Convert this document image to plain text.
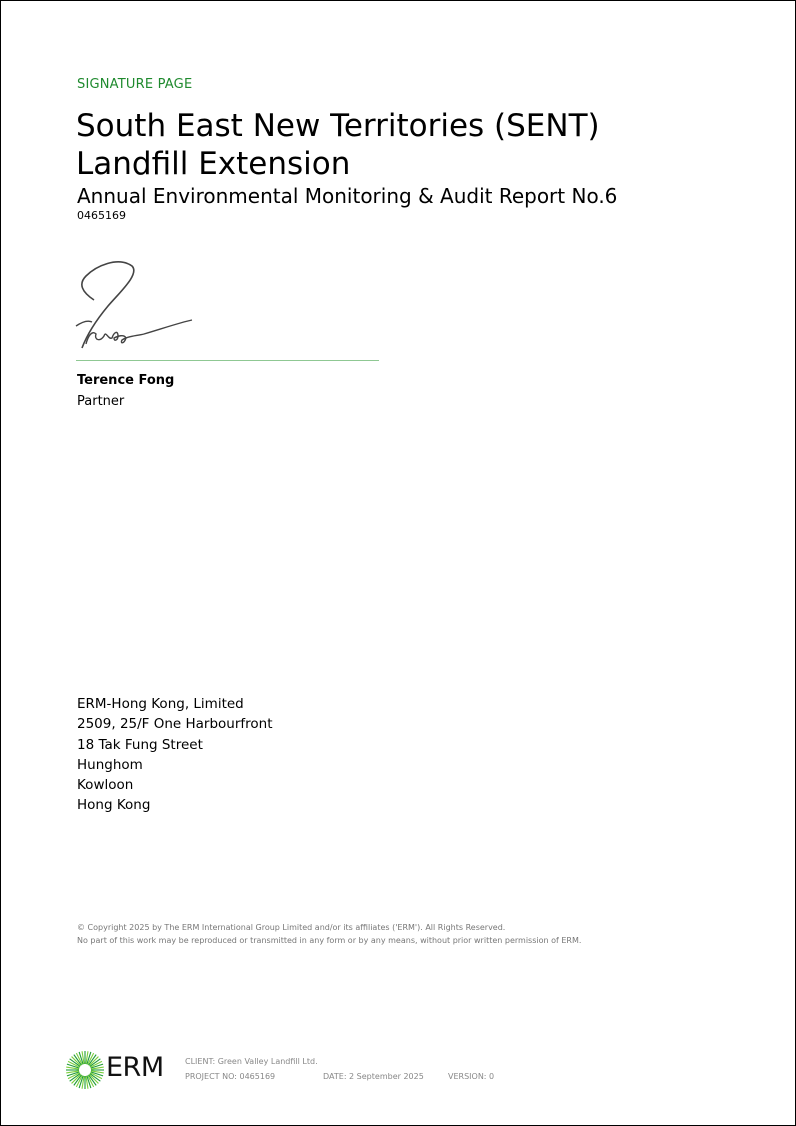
SIGNATURE PAGE
South East New Territories (SENT)
Landfill Extension
Annual Environmental Monitoring & Audit Report No.6
0465169
Terence Fong
Partner
ERM-Hong Kong, Limited
2509, 25/F One Harbourfront
18 Tak Fung Street
Hunghom
Kowloon
Hong Kong
© Copyright 2025 by The ERM International Group Limited and/or its affiliates ('ERM'). All Rights Reserved.
No part of this work may be reproduced or transmitted in any form or by any means, without prior written permission of ERM.
ERM	CLIENT: Green Valley Landfill Ltd.
PROJECT NO: 0465169	DATE: 2 September 2025	VERSION: 0
